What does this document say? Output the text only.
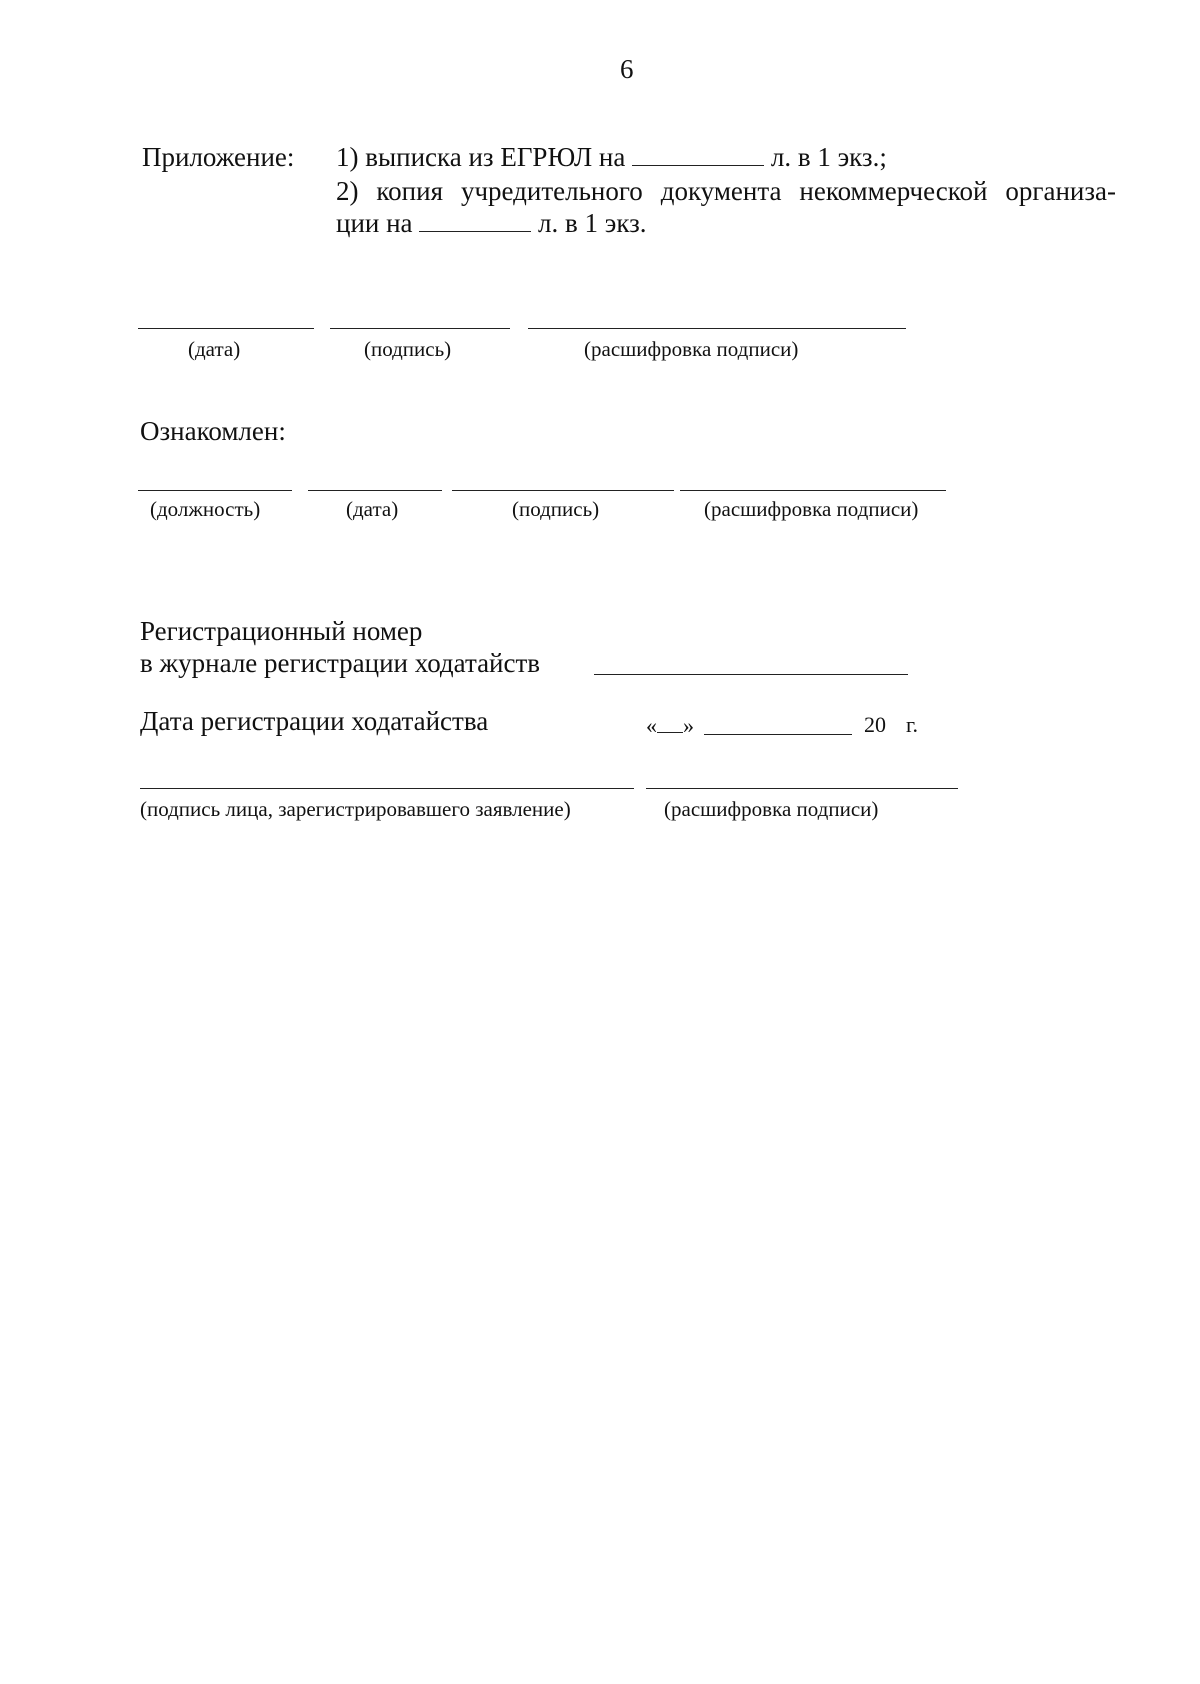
6
Приложение: 1) выписка из ЕГРЮЛ на	л. в 1 экз.;
2) копия учредительного документа некоммерческой организа-
ции на	л. в 1 экз.
(дата)	(подпись)	(расшифровка подписи)
Ознакомлен:
(должность)	(дата)	(подпись)	(расшифровка подписи)
Регистрационный номер
в журнале регистрации ходатайств
Дата регистрации ходатайства	« »	20 г.
(подпись лица, зарегистрировавшего заявление)	(расшифровка подписи)
